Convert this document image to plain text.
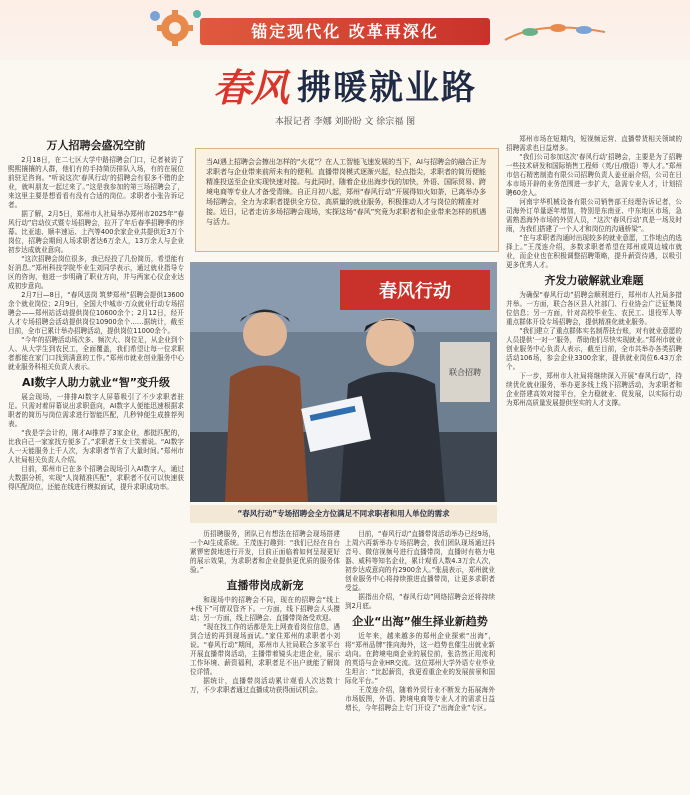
锚定现代化 改革再深化
春风 拂暖就业路
本报记者 李娜 刘盼盼 文 徐宗福 图
当AI遇上招聘会会擦出怎样的“火花”？在人工智能飞速发展的当下，AI与招聘会的融合正为求职者与企业带来前所未有的便利。直播带岗模式逐渐兴起，轻点指尖，求职者的简历便能精准投送至企业实现快速对接。与此同时，随着企业出海步伐的加快，外语、国际贸易、跨境电商等专业人才备受青睐。自正月初八起，郑州“春风行动”开展得如火如荼，已离举办多场招聘会，全力为求职者提供全方位、高质量的就业服务，积极推动人才与岗位的精准对接。近日，记者走访多场招聘会现场，实探这场“春风”究竟为求职者和企业带来怎样的机遇与活力。
万人招聘会盛况空前

2月18日，在二七区大学中路招聘会门口，记者被访了熙熙攘攘的人群，他们有的手持简历排队入场，有的在展位前驻足咨询。“听说这次‘春风行动’的招聘会有很多不错的企业，就叫朋友一起过来了。”这是我参加的第三场招聘会了，来这里主要是想看看有没有合适的岗位。求职者小张告诉记者。

据了解，2月5日，郑州市人社局举办郑州市2025年“春风行动”启动仪式暨专场招聘会，拉开了年后春季招聘季的序幕。比亚迪、顺丰速运、上汽等400余家企业共提供近3万个岗位，招聘会期间人场求职者达6万余人，13万余人与企业初步达成就业意向。

“这次招聘会岗位很多，我已经投了几份简历，希望能有好消息。”郑州科技学院毕业生刘同学表示，通过就业指导专区的咨询，他进一步明确了职业方向，并与两家心仪企业达成初步意向。

2月7日—8日，“春风送岗 筑梦郑州”招聘会提供13600余个就业岗位；2月9日，全国大中城市·万众就业行动专场招聘会——郑州站活动提供岗位10600余个；2月12日，经开人才专场招聘会活动提供岗位10900余个……据统计，截至目前，全市已累计举办招聘活动，提供岗位11000余个。

“今年的招聘活动场次多、频次大、岗位足，从企业到个人、从大学生到农民工，全面覆盖，我们希望让每一位求职者都能在家门口找到满意的工作。”郑州市就业创业服务中心就业服务科相关负责人表示。

AI数字人助力就业“智”变升级

展会现场，一排排AI数字人屏幕吸引了不少求职者驻足。只需对着屏幕说出求职意向，AI数字人便能迅速根据求职者的简历与岗位需求进行智能匹配，几秒钟便生成推荐列表。

“我是学会计的，刚才AI推荐了3家企业，都挺匹配的，比我自己一家家找方便多了。”求职者王女士笑着说。“AI数字人一天能服务上千人次，为求职者节省了大量时间。”郑州市人社局相关负责人介绍。

目前，郑州市已在多个招聘会现场引入AI数字人，通过大数据分析，实现“人岗精准匹配”，求职者不仅可以快速获得匹配岗位，还能在线进行模拟面试，提升求职成功率。

春风行动
联合招聘
“春风行动”专场招聘会全方位满足不同求职者和用人单位的需求

历招聘服务，团队已有想法在招聘会现场搭建一个AI生成系统。王茂连打趣到：“我们已经在自台紧锣密鼓地进行开发，目前正面临着如何呈现更好的展示效果，为求职者和企业提供更优质的服务体验。”

直播带岗成新宠

和现场中的招聘会不同，现在的招聘会“线上+线下”可谓双管齐下。一方面，线下招聘会人头攒动；另一方面，线上招聘会、直播带岗备受欢迎。

“现在找工作的话都是先上网查看岗位信息，遇到合适的再到现场面试。”家住郑州的求职者小刘说。“春风行动”期间，郑州市人社局联合多家平台开展直播带岗活动，主播带着镜头走进企业，展示工作环境、薪资福利，求职者足不出户就能了解岗位详情。

据统计，直播带岗活动累计观看人次达数十万，不少求职者通过直播成功获得面试机会。

目前，“春风行动”直播带岗活动举办已经9场，上周六再新举办专场招聘会，我们团队现场通过抖音号、微信视频号进行直播带岗，直播时有格力电器、威科等知名企业，累计观看人数4.3万余人次，初步达成意向的有2900余人。”张晨表示，郑州就业创业服务中心将持续推进直播带岗，让更多求职者受益。

据指出介绍，“春风行动”网络招聘会还将持续到2月底。

企业“出海”催生择业新趋势

近年来，越来越多的郑州企业探索“出海”，将“郑州品牌”推向海外，这一趋势也催生出就业新动向。在跨境电商企业的展位前，张浩然正用流利的英语与企业HR交流。这位郑州大学外语专业毕业生坦言：“比起薪资，我更看重企业的发展前景和国际化平台。”

王茂连介绍，随着外贸行业不断发力拓展海外市场版图，外语、跨境电商等专业人才的需求日益增长，今年招聘会上专门开设了“出海企业”专区。

郑州市场在短期内，短视频运营、直播带货相关领域的招聘需求也日益增多。

“我们公司参加这次‘春风行动’招聘会，主要是为了招聘一些技术研发和国际销售工程师（英/日/俄语）等人才。”郑州市信石精密制造有限公司招聘负责人姜亚丽介绍，公司在日本市场开辟的业务范围进一步扩大，急需专业人才，计划招聘60余人。

河南宇华机械设备有限公司销售部王经理告诉记者，公司海外订单量逐年增加，特别是东南亚、中东地区市场，急需熟悉海外市场的外贸人员，“这次‘春风行动’真是一场及时雨，为我们搭建了一个人才和岗位的沟通桥梁”。

“在与求职者沟通时出现较多的就业意愿，工作地点的选择上。”王茂连介绍，多数求职者希望在郑州或周边城市就业，而企业也在积极调整招聘策略，提升薪资待遇，以吸引更多优秀人才。

齐发力破解就业难题

为确保“春风行动”招聘会顺利进行，郑州市人社局多措并举。一方面，联合各区县人社部门、行业协会广泛征集岗位信息；另一方面，针对高校毕业生、农民工、退役军人等重点群体开设专场招聘会，提供精准化就业服务。

“我们建立了重点群体实名制帮扶台账，对有就业意愿的人员提供‘一对一’服务，帮助他们尽快实现就业。”郑州市就业创业服务中心负责人表示，截至目前，全市共举办各类招聘活动106场，参会企业3300余家，提供就业岗位6.43万余个。

下一步，郑州市人社局将继续深入开展“春风行动”，持续优化就业服务，举办更多线上线下招聘活动，为求职者和企业搭建高效对接平台，全力稳就业、促发展，以实际行动为郑州高质量发展提供坚实的人才支撑。
